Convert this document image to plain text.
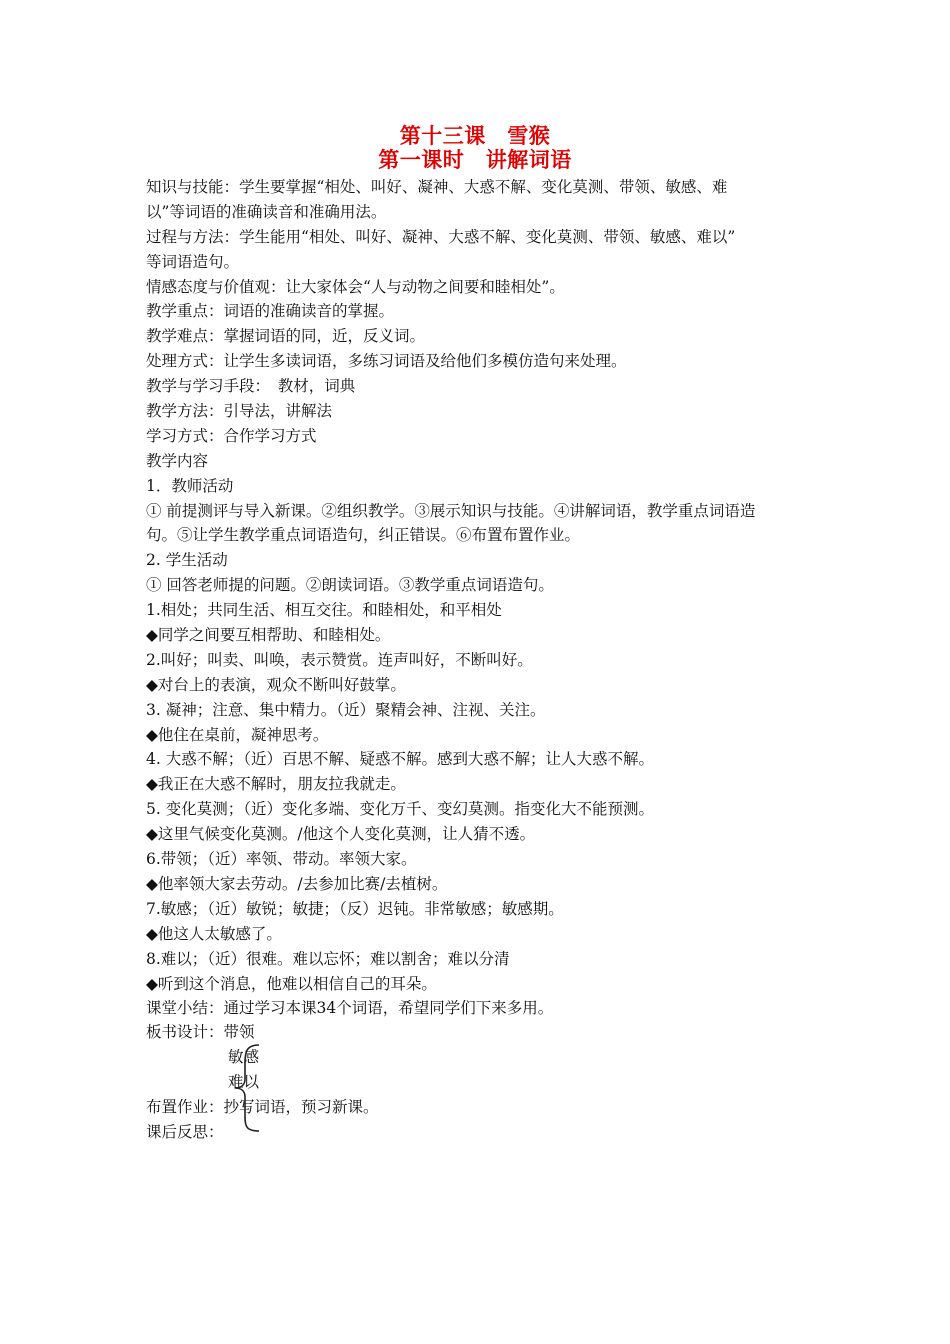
第十三课　雪猴
第一课时　讲解词语
知识与技能：学生要掌握“相处、叫好、凝神、大惑不解、变化莫测、带领、敏感、难
以”等词语的准确读音和准确用法。
过程与方法：学生能用“相处、叫好、凝神、大惑不解、变化莫测、带领、敏感、难以”
等词语造句。
情感态度与价值观：让大家体会“人与动物之间要和睦相处”。
教学重点：词语的准确读音的掌握。
教学难点：掌握词语的同，近，反义词。
处理方式：让学生多读词语，多练习词语及给他们多模仿造句来处理。
教学与学习手段：　教材，词典
教学方法：引导法，讲解法
学习方式：合作学习方式
教学内容
1．教师活动
① 前提测评与导入新课。②组织教学。③展示知识与技能。④讲解词语，教学重点词语造
句。⑤让学生教学重点词语造句，纠正错误。⑥布置布置作业。
2. 学生活动
① 回答老师提的问题。②朗读词语。③教学重点词语造句。
1.相处；共同生活、相互交往。和睦相处，和平相处
◆同学之间要互相帮助、和睦相处。
2.叫好；叫卖、叫唤，表示赞赏。连声叫好，不断叫好。
◆对台上的表演，观众不断叫好鼓掌。
3. 凝神；注意、集中精力。（近）聚精会神、注视、关注。
◆他住在桌前，凝神思考。
4. 大惑不解；（近）百思不解、疑惑不解。感到大惑不解；让人大惑不解。
◆我正在大惑不解时，朋友拉我就走。
5. 变化莫测；（近）变化多端、变化万千、变幻莫测。指变化大不能预测。
◆这里气候变化莫测。/他这个人变化莫测，让人猜不透。
6.带领；（近）率领、带动。率领大家。
◆他率领大家去劳动。/去参加比赛/去植树。
7.敏感；（近）敏锐；敏捷；（反）迟钝。非常敏感；敏感期。
◆他这人太敏感了。
8.难以；（近）很难。难以忘怀；难以割舍；难以分清
◆听到这个消息，他难以相信自己的耳朵。
课堂小结：通过学习本课34个词语，希望同学们下来多用。
板书设计：带领
敏感
难以
布置作业：抄写词语，预习新课。
课后反思：
